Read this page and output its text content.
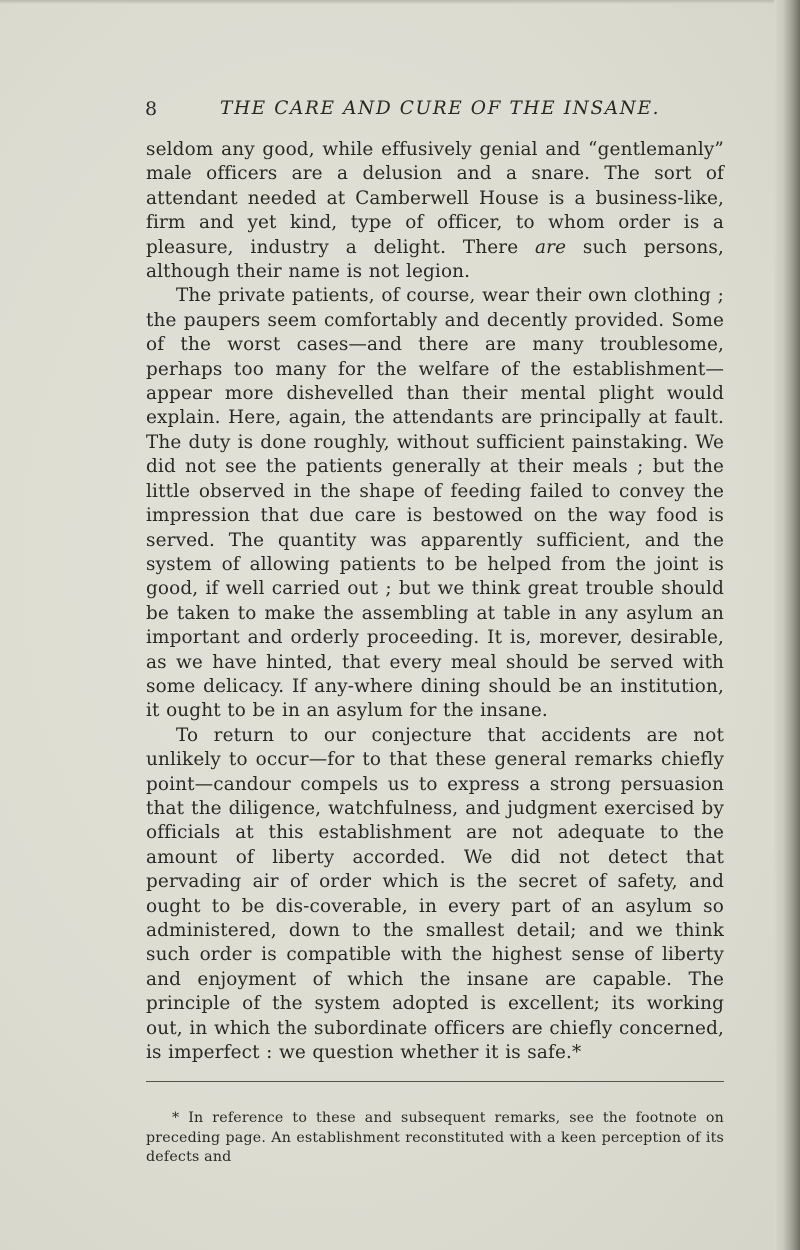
8	THE CARE AND CURE OF THE INSANE.

seldom any good, while effusively genial and “gentlemanly” male officers are a delusion and a snare. The sort of attendant needed at Camberwell House is a business-like, firm and yet kind, type of officer, to whom order is a pleasure, industry a delight. There are such persons, although their name is not legion.

The private patients, of course, wear their own clothing ; the paupers seem comfortably and decently provided. Some of the worst cases—and there are many troublesome, perhaps too many for the welfare of the establishment—appear more dishevelled than their mental plight would explain. Here, again, the attendants are principally at fault. The duty is done roughly, without sufficient painstaking. We did not see the patients generally at their meals ; but the little observed in the shape of feeding failed to convey the impression that due care is bestowed on the way food is served. The quantity was apparently sufficient, and the system of allowing patients to be helped from the joint is good, if well carried out ; but we think great trouble should be taken to make the assembling at table in any asylum an important and orderly proceeding. It is, morever, desirable, as we have hinted, that every meal should be served with some delicacy. If any-where dining should be an institution, it ought to be in an asylum for the insane.

To return to our conjecture that accidents are not unlikely to occur—for to that these general remarks chiefly point—candour compels us to express a strong persuasion that the diligence, watchfulness, and judgment exercised by officials at this establishment are not adequate to the amount of liberty accorded. We did not detect that pervading air of order which is the secret of safety, and ought to be dis-coverable, in every part of an asylum so administered, down to the smallest detail; and we think such order is compatible with the highest sense of liberty and enjoyment of which the insane are capable. The principle of the system adopted is excellent; its working out, in which the subordinate officers are chiefly concerned, is imperfect : we question whether it is safe.*

* In reference to these and subsequent remarks, see the footnote on preceding page. An establishment reconstituted with a keen perception of its defects and
